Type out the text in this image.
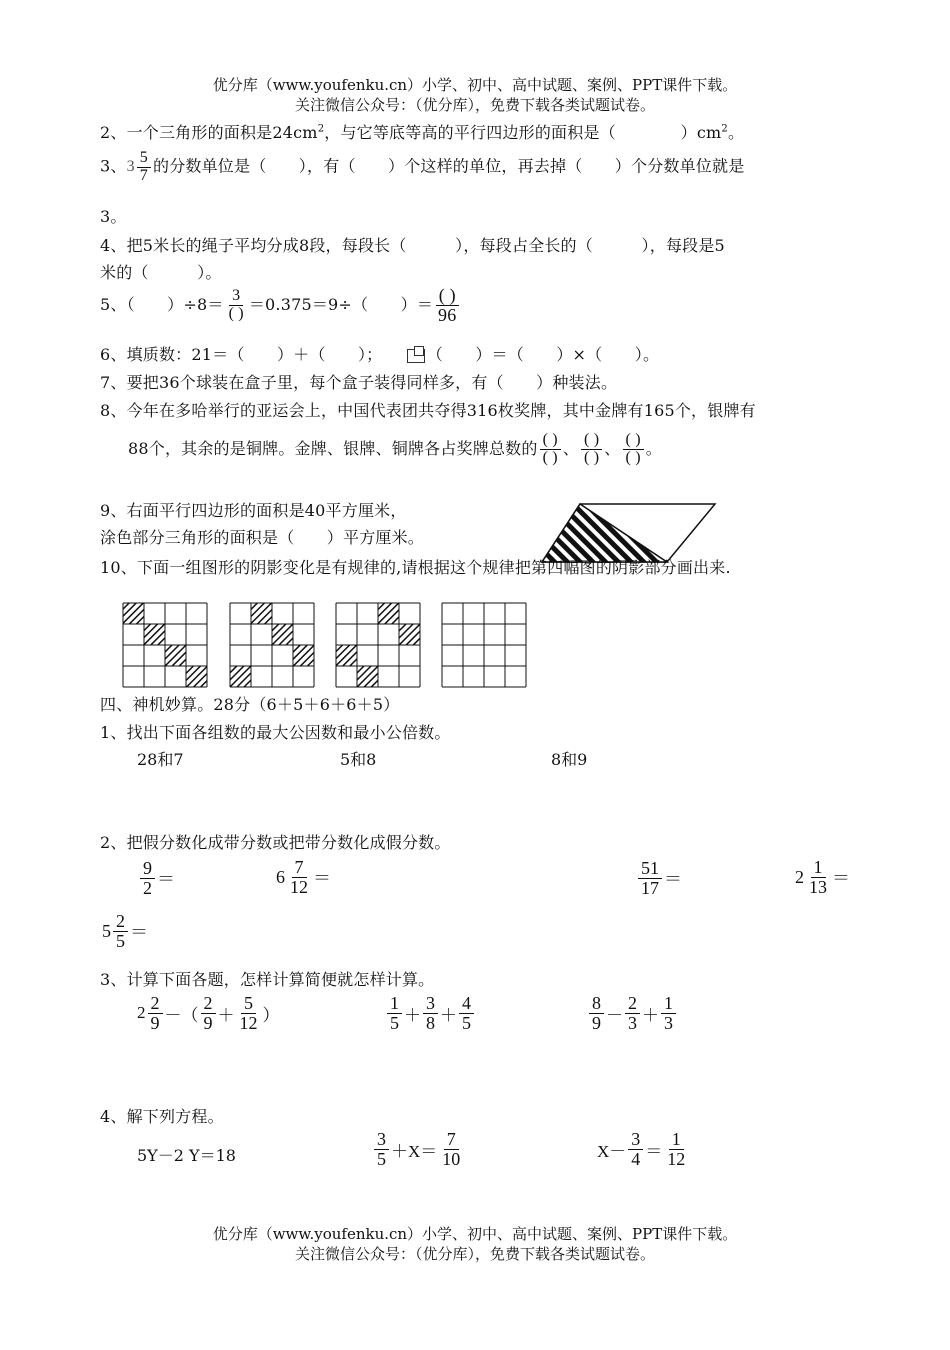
优分库（www.youfenku.cn）小学、初中、高中试题、案例、PPT课件下载。
关注微信公众号：（优分库），免费下载各类试题试卷。
2、一个三角形的面积是$24cm^2$，与它等底等高的平行四边形的面积是（　　　　）$cm^2$。
3、 $3 \frac{5}{7}$ 的分数单位是（　　），有（　　）个这样的单位，再去掉（　　）个分数单位就是
3。
4、把5米长的绳子平均分成8段，每段长（　　　），每段占全长的（　　　），每段是5
米的（　　　）。
5、（　　）$\div 8= \frac{3}{( )} =0.375=9\div$（　　）＝ $\frac{( )}{96}$
6、填质数：21＝（　　）＋（　　）；　　
（　　）＝（　　）×（　　）。
7、要把36个球装在盒子里，每个盒子装得同样多，有（　　）种装法。
8、今年在多哈举行的亚运会上，中国代表团共夺得316枚奖牌，其中金牌有165个，银牌有
88个，其余的是铜牌。金牌、银牌、铜牌各占奖牌总数的 $\frac{( )}{( )}$ 、 $\frac{( )}{( )}$ 、 $\frac{( )}{( )}$ 。
9、右面平行四边形的面积是40平方厘米，
涂色部分三角形的面积是（　　）平方厘米。
10、下面一组图形的阴影变化是有规律的,请根据这个规律把第四幅图的阴影部分画出来.
四、神机妙算。28分（6＋5＋6＋6＋5）
1、找出下面各组数的最大公因数和最小公倍数。
28和7	5和8	8和9
2、把假分数化成带分数或把带分数化成假分数。
$\frac{9}{2}$ ＝	$6 \frac{7}{12}$ ＝	$\frac{51}{17}$ ＝	$2 \frac{1}{13}$ ＝
$5 \frac{2}{5}$ ＝
3、计算下面各题，怎样计算简便就怎样计算。
$2 \frac{2}{9}$ －（ $\frac{2}{9} + \frac{5}{12}$ ）	$\frac{1}{5} + \frac{3}{8} + \frac{4}{5}$	$\frac{8}{9} - \frac{2}{3} + \frac{1}{3}$
4、解下列方程。
5Y－2 Y＝18	$\frac{3}{5} +X= \frac{7}{10}$	$X- \frac{3}{4} = \frac{1}{12}$
优分库（www.youfenku.cn）小学、初中、高中试题、案例、PPT课件下载。
关注微信公众号：（优分库），免费下载各类试题试卷。
